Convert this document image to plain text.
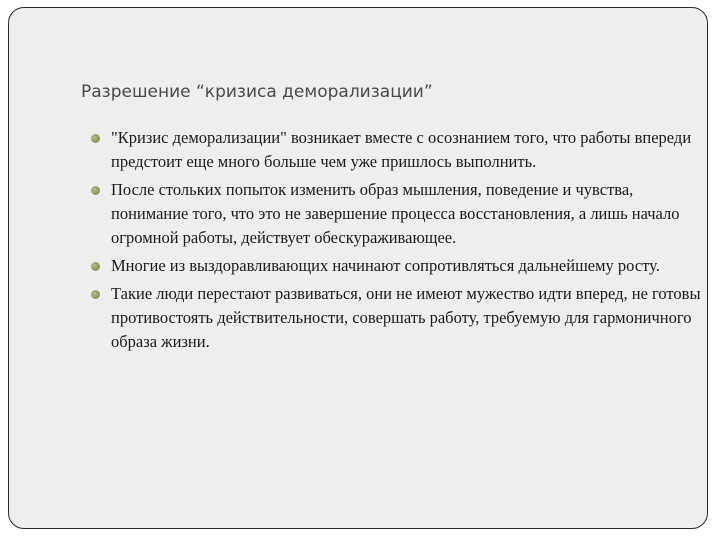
Разрешение “кризиса деморализации”
"Кризис деморализации" возникает вместе с осознанием того, что работы впереди предстоит еще много больше чем уже пришлось выполнить.
После стольких попыток изменить образ мышления, поведение и чувства, понимание того, что это не завершение процесса восстановления, а лишь начало огромной работы, действует обескураживающее.
Многие из выздоравливающих начинают сопротивляться дальнейшему росту.
Такие люди перестают развиваться, они не имеют мужество идти вперед, не готовы противостоять действительности, совершать работу, требуемую для гармоничного образа жизни.
